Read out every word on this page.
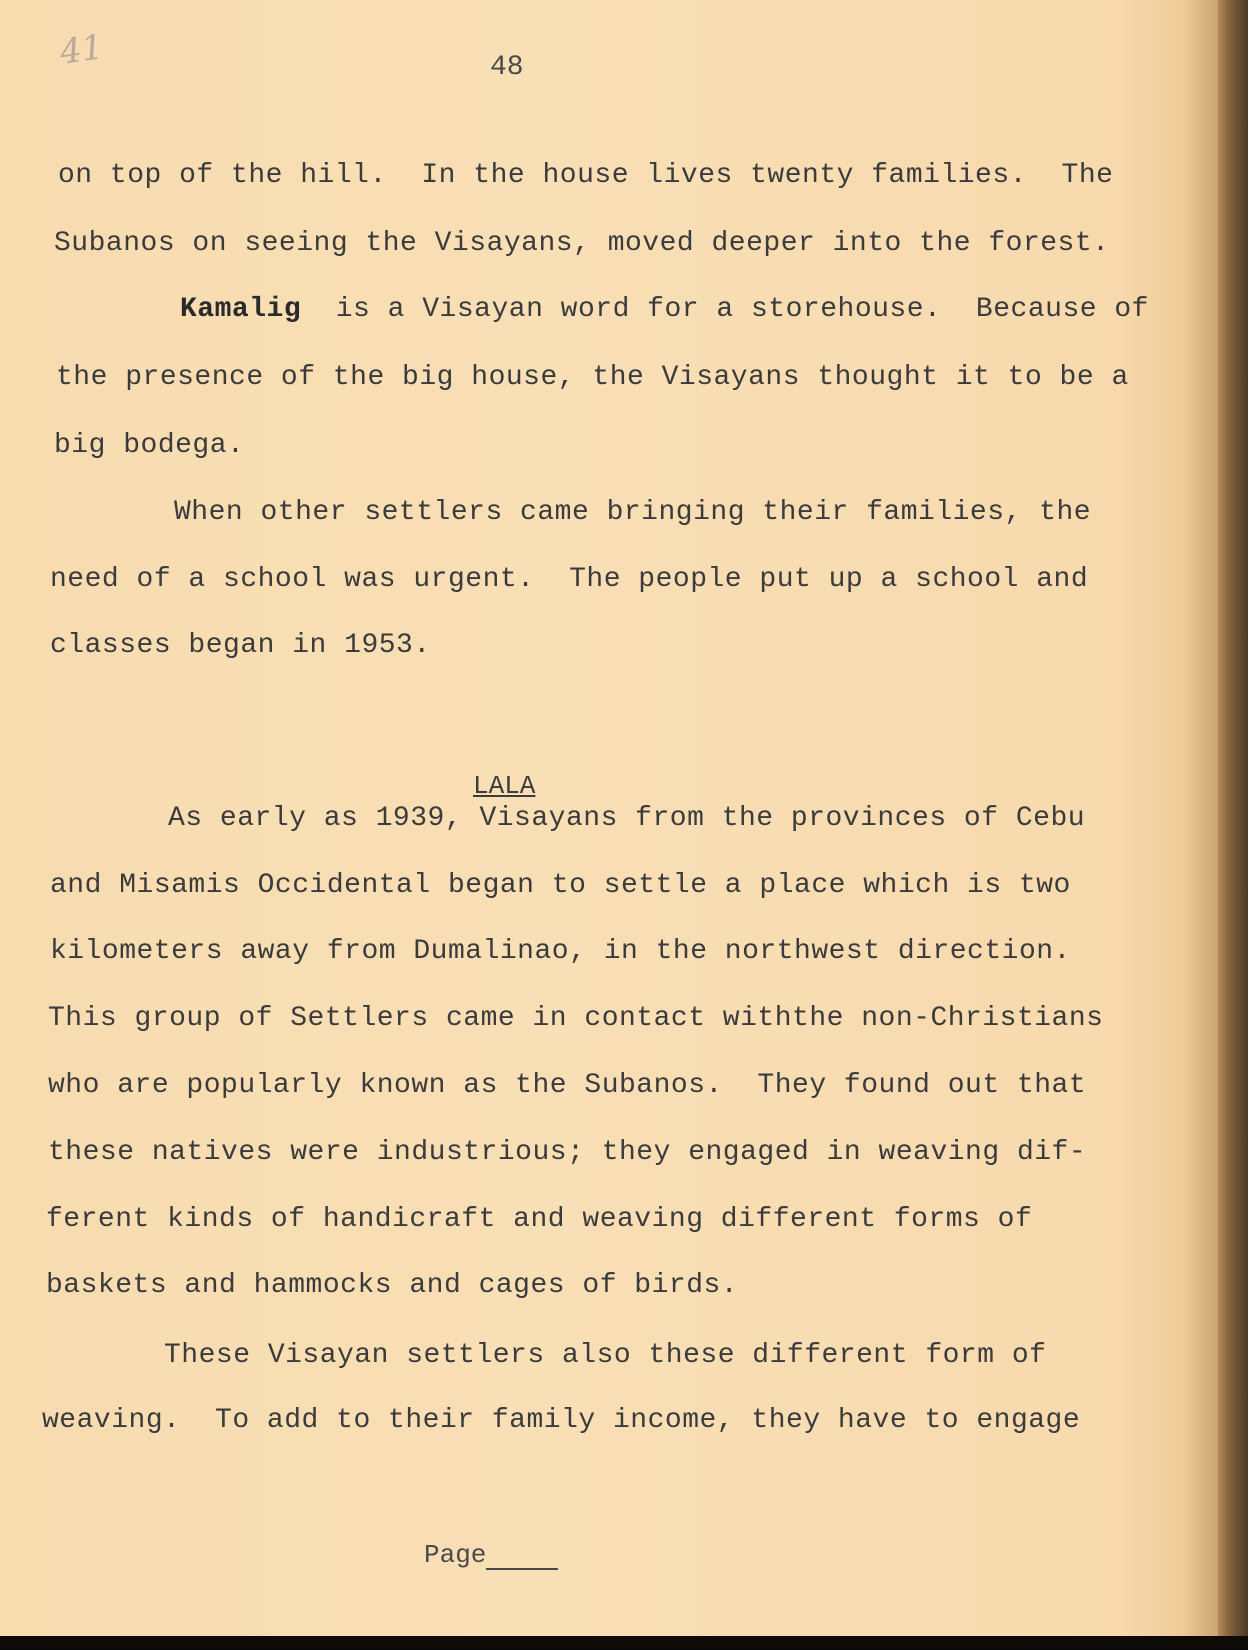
41	48
on top of the hill.  In the house lives twenty families.  The
Subanos on seeing the Visayans, moved deeper into the forest.
Kamalig is a Visayan word for a storehouse.  Because of
the presence of the big house, the Visayans thought it to be a
big bodega.
When other settlers came bringing their families, the
need of a school was urgent.  The people put up a school and
classes began in 1953.
LALA
As early as 1939, Visayans from the provinces of Cebu
and Misamis Occidental began to settle a place which is two
kilometers away from Dumalinao, in the northwest direction.
This group of Settlers came in contact withthe non-Christians
who are popularly known as the Subanos.  They found out that
these natives were industrious; they engaged in weaving dif-
ferent kinds of handicraft and weaving different forms of
baskets and hammocks and cages of birds.
These Visayan settlers also these different form of
weaving.  To add to their family income, they have to engage
Page
